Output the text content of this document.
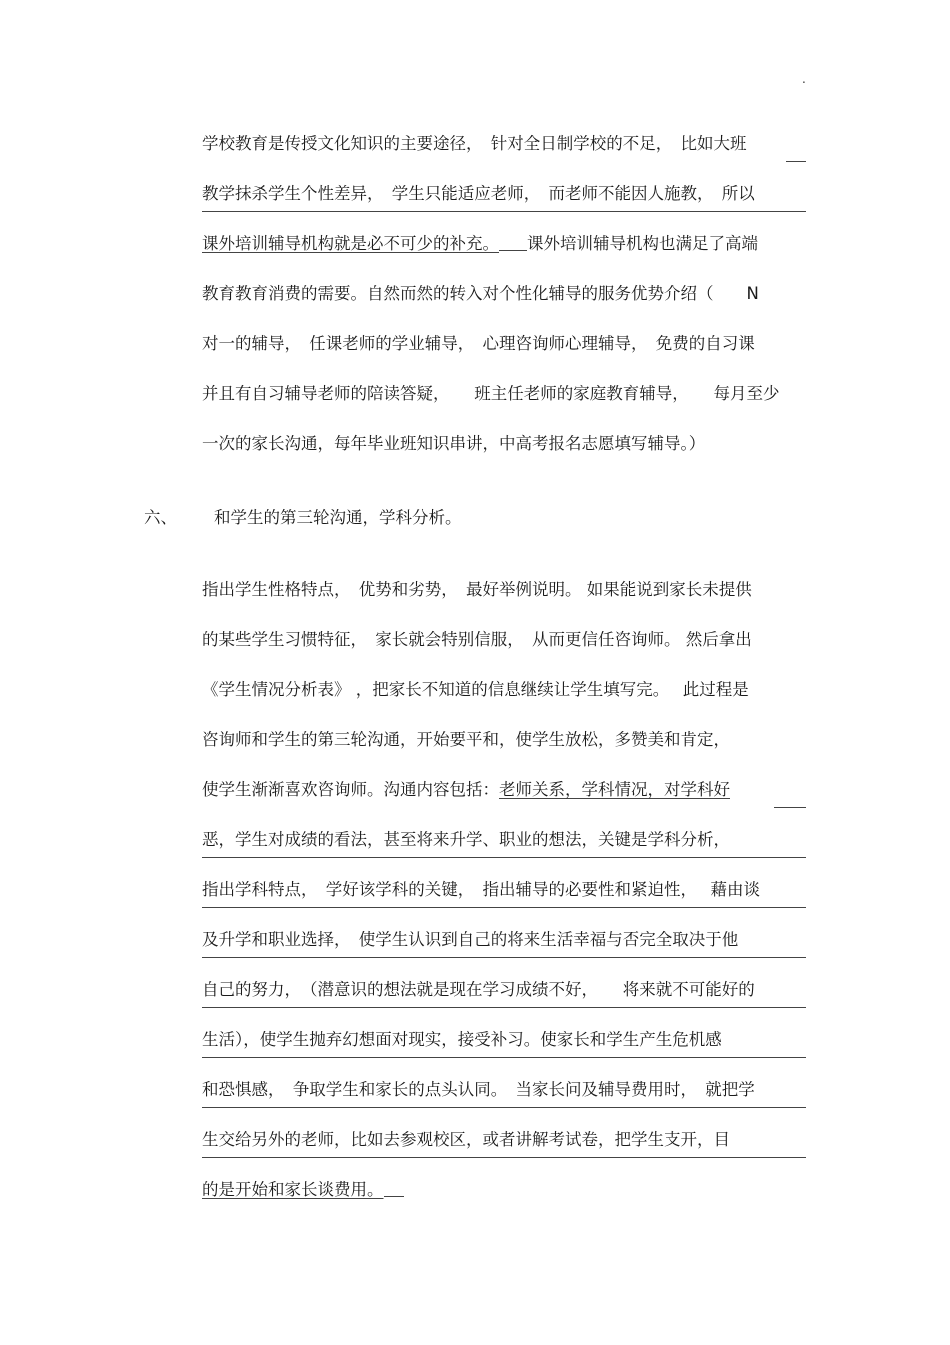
.
学校教育是传授文化知识的主要途径，　针对全日制学校的不足，　比如大班
教学抹杀学生个性差异，　学生只能适应老师，　而老师不能因人施教，　所以
课外培训辅导机构就是必不可少的补充。 课外培训辅导机构也满足了高端
教育教育消费的需要。自然而然的转入对个性化辅导的服务优势介绍（　　N
对一的辅导，　任课老师的学业辅导，　心理咨询师心理辅导，　免费的自习课
并且有自习辅导老师的陪读答疑，　　班主任老师的家庭教育辅导，　　每月至少
一次的家长沟通，每年毕业班知识串讲，中高考报名志愿填写辅导。）
六、 和学生的第三轮沟通，学科分析。
指出学生性格特点，　优势和劣势，　最好举例说明。 如果能说到家长未提供
的某些学生习惯特征，　家长就会特别信服，　从而更信任咨询师。 然后拿出
《学生情况分析表》 ，把家长不知道的信息继续让学生填写完。　 此过程是
咨询师和学生的第三轮沟通，开始要平和，使学生放松，多赞美和肯定，
使学生渐渐喜欢咨询师。沟通内容包括：老师关系，学科情况，对学科好
恶，学生对成绩的看法，甚至将来升学、职业的想法，关键是学科分析，
指出学科特点，　学好该学科的关键，　指出辅导的必要性和紧迫性，　 藉由谈
及升学和职业选择，　使学生认识到自己的将来生活幸福与否完全取决于他
自己的努力，　（潜意识的想法就是现在学习成绩不好，　　将来就不可能好的
生活），使学生抛弃幻想面对现实，接受补习。使家长和学生产生危机感
和恐惧感，　争取学生和家长的点头认同。　当家长问及辅导费用时，　就把学
生交给另外的老师，比如去参观校区，或者讲解考试卷，把学生支开，目
的是开始和家长谈费用。
